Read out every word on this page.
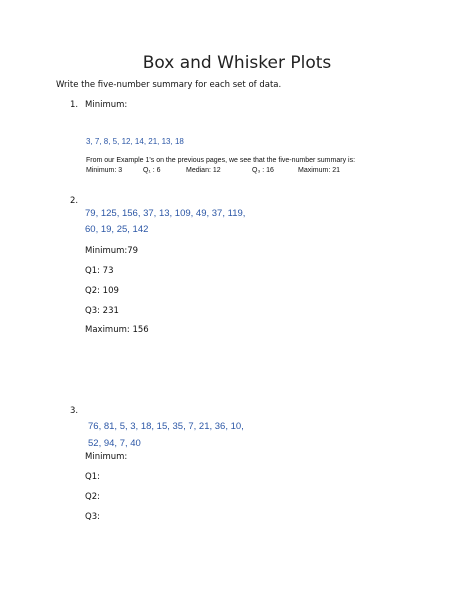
Box and Whisker Plots
Write the five-number summary for each set of data.
1. Minimum:
3, 7, 8, 5, 12, 14, 21, 13, 18
From our Example 1's on the previous pages, we see that the five-number summary is:
Minimum: 3	Q₁ : 6	Median: 12	Q₃ : 16	Maximum: 21
2.
79, 125, 156, 37, 13, 109, 49, 37, 119,
60, 19, 25, 142
Minimum:79
Q1: 73
Q2: 109
Q3: 231
Maximum: 156
3.
76, 81, 5, 3, 18, 15, 35, 7, 21, 36, 10,
52, 94, 7, 40
Minimum:
Q1:
Q2:
Q3:
